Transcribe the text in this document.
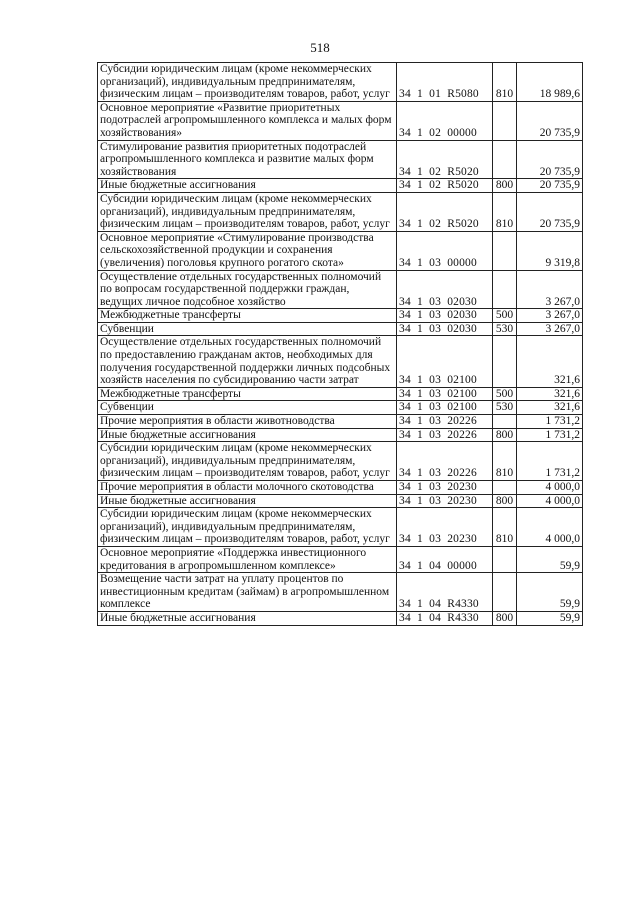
518
Субсидии юридическим лицам (кроме некоммерческих организаций), индивидуальным предпринимателям, физическим лицам – производителям товаров, работ, услуг	34  1  01  R5080	810	18 989,6
Основное мероприятие «Развитие приоритетных подотраслей агропромышленного комплекса и малых форм хозяйствования»	34  1  02  00000		20 735,9
Стимулирование развития приоритетных подотраслей агропромышленного комплекса и развитие малых форм хозяйствования	34  1  02  R5020		20 735,9
Иные бюджетные ассигнования	34  1  02  R5020	800	20 735,9
Субсидии юридическим лицам (кроме некоммерческих организаций), индивидуальным предпринимателям, физическим лицам – производителям товаров, работ, услуг	34  1  02  R5020	810	20 735,9
Основное мероприятие «Стимулирование производства сельскохозяйственной продукции и сохранения (увеличения) поголовья крупного рогатого скота»	34  1  03  00000		9 319,8
Осуществление отдельных государственных полномочий по вопросам государственной поддержки граждан, ведущих личное подсобное хозяйство	34  1  03  02030		3 267,0
Межбюджетные трансферты	34  1  03  02030	500	3 267,0
Субвенции	34  1  03  02030	530	3 267,0
Осуществление отдельных государственных полномочий по предоставлению гражданам актов, необходимых для получения государственной поддержки личных подсобных хозяйств населения по субсидированию части затрат	34  1  03  02100		321,6
Межбюджетные трансферты	34  1  03  02100	500	321,6
Субвенции	34  1  03  02100	530	321,6
Прочие мероприятия в области животноводства	34  1  03  20226		1 731,2
Иные бюджетные ассигнования	34  1  03  20226	800	1 731,2
Субсидии юридическим лицам (кроме некоммерческих организаций), индивидуальным предпринимателям, физическим лицам – производителям товаров, работ, услуг	34  1  03  20226	810	1 731,2
Прочие мероприятия в области молочного скотоводства	34  1  03  20230		4 000,0
Иные бюджетные ассигнования	34  1  03  20230	800	4 000,0
Субсидии юридическим лицам (кроме некоммерческих организаций), индивидуальным предпринимателям, физическим лицам – производителям товаров, работ, услуг	34  1  03  20230	810	4 000,0
Основное мероприятие «Поддержка инвестиционного кредитования в агропромышленном комплексе»	34  1  04  00000		59,9
Возмещение части затрат на уплату процентов по инвестиционным кредитам (займам) в агропромышленном комплексе	34  1  04  R4330		59,9
Иные бюджетные ассигнования	34  1  04  R4330	800	59,9
